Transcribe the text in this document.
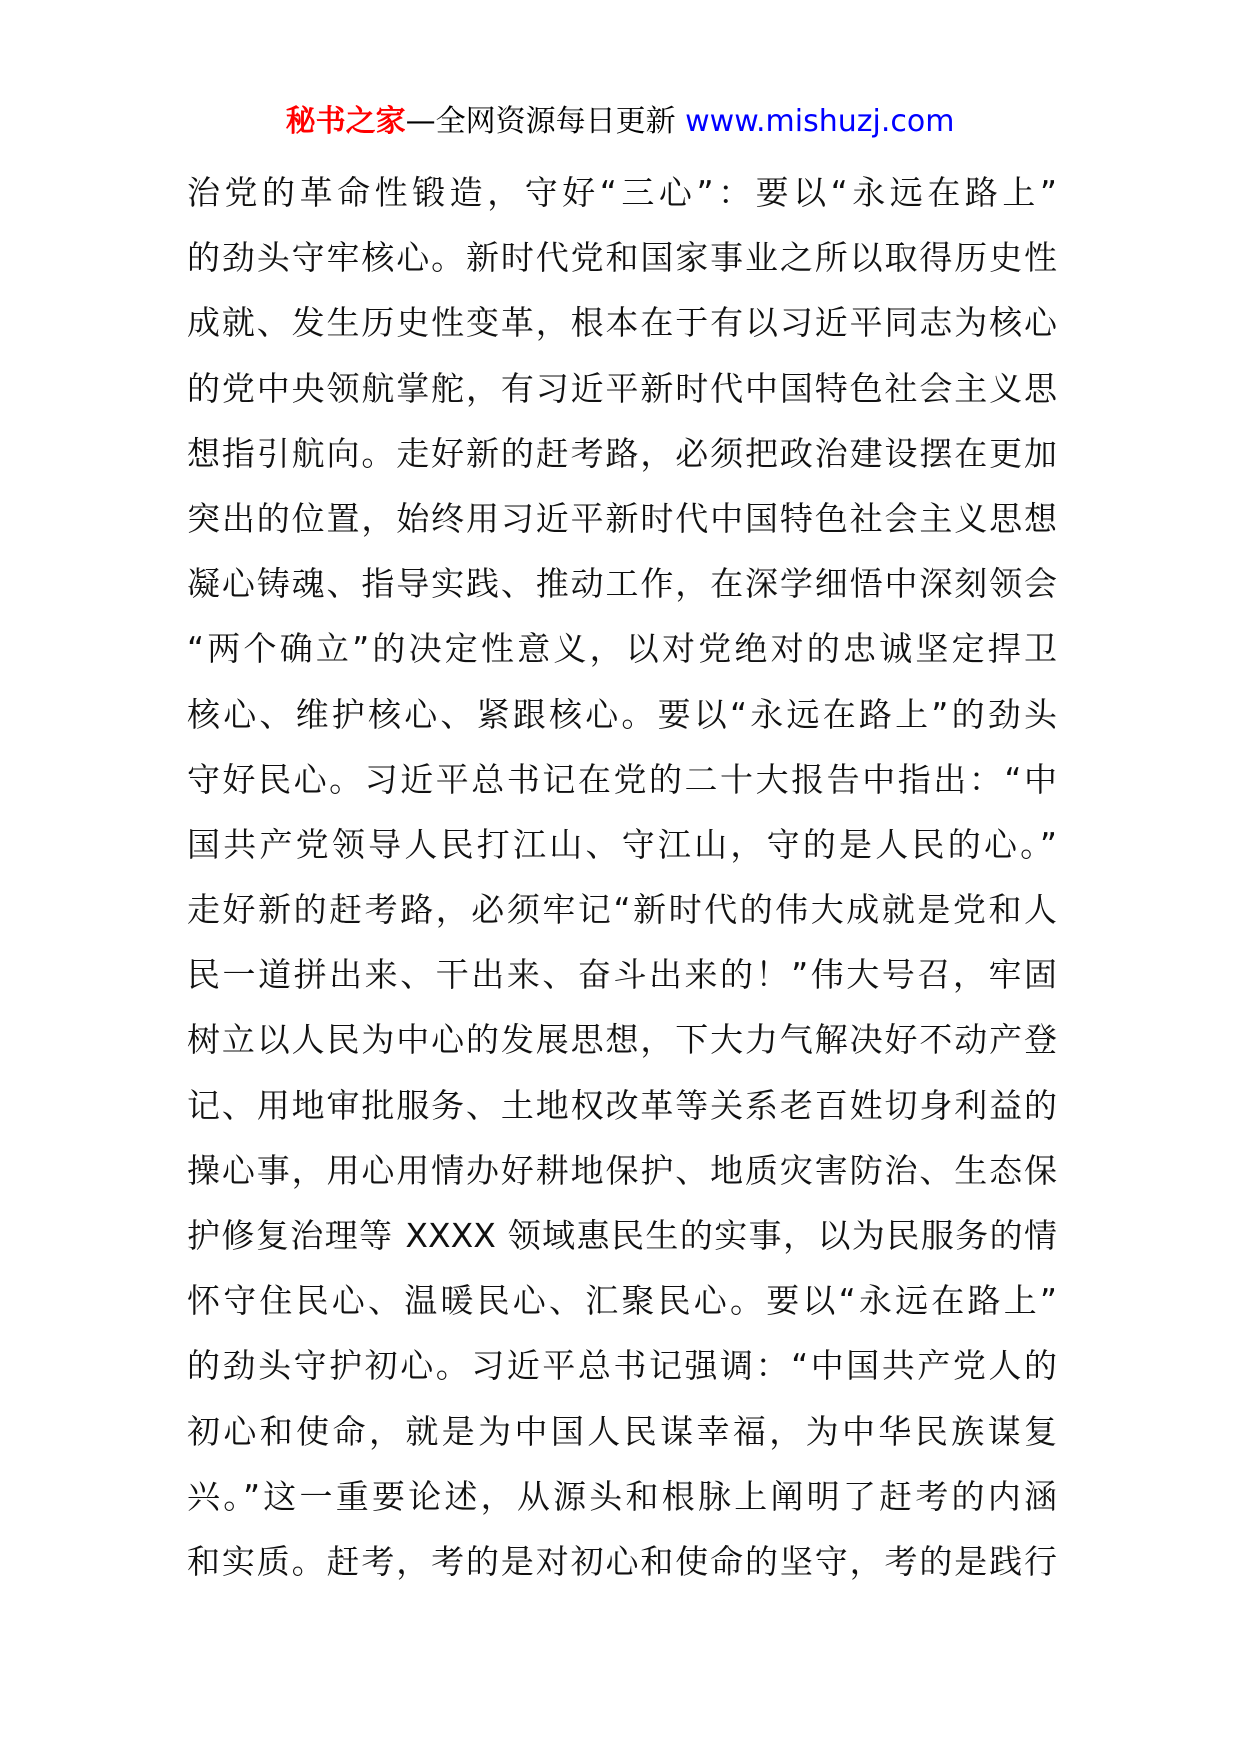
秘书之家—全网资源每日更新 www.mishuzj.com
治党的革命性锻造，守好“三心”：要以“永远在路上”
的劲头守牢核心。新时代党和国家事业之所以取得历史性
成就、发生历史性变革，根本在于有以习近平同志为核心
的党中央领航掌舵，有习近平新时代中国特色社会主义思
想指引航向。走好新的赶考路，必须把政治建设摆在更加
突出的位置，始终用习近平新时代中国特色社会主义思想
凝心铸魂、指导实践、推动工作，在深学细悟中深刻领会
“两个确立”的决定性意义，以对党绝对的忠诚坚定捍卫
核心、维护核心、紧跟核心。要以“永远在路上”的劲头
守好民心。习近平总书记在党的二十大报告中指出：“中
国共产党领导人民打江山、守江山，守的是人民的心。”
走好新的赶考路，必须牢记“新时代的伟大成就是党和人
民一道拼出来、干出来、奋斗出来的！”伟大号召，牢固
树立以人民为中心的发展思想，下大力气解决好不动产登
记、用地审批服务、土地权改革等关系老百姓切身利益的
操心事，用心用情办好耕地保护、地质灾害防治、生态保
护修复治理等 XXXX 领域惠民生的实事，以为民服务的情
怀守住民心、温暖民心、汇聚民心。要以“永远在路上”
的劲头守护初心。习近平总书记强调：“中国共产党人的
初心和使命，就是为中国人民谋幸福，为中华民族谋复
兴。”这一重要论述，从源头和根脉上阐明了赶考的内涵
和实质。赶考，考的是对初心和使命的坚守，考的是践行
